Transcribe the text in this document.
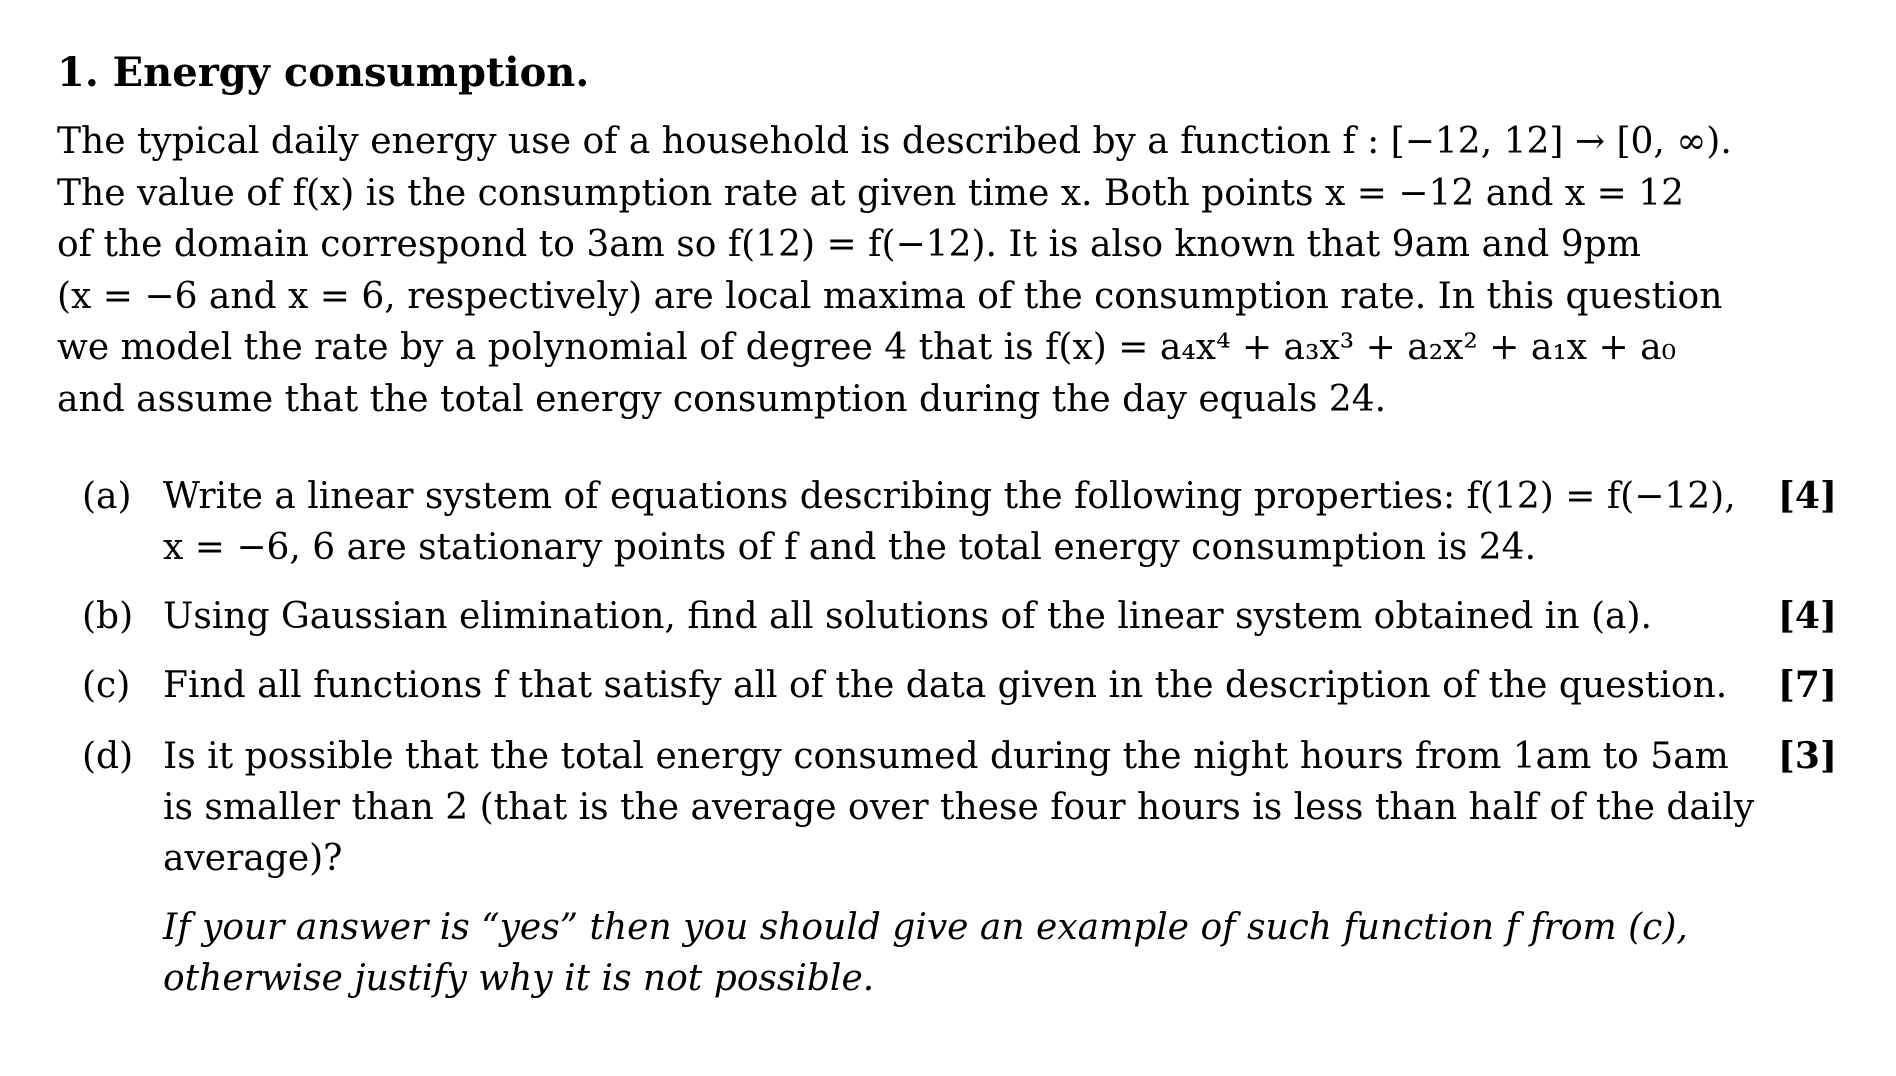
1. Energy consumption.
The typical daily energy use of a household is described by a function f : [−12, 12] → [0, ∞).
The value of f(x) is the consumption rate at given time x. Both points x = −12 and x = 12
of the domain correspond to 3am so f(12) = f(−12). It is also known that 9am and 9pm
(x = −6 and x = 6, respectively) are local maxima of the consumption rate. In this question
we model the rate by a polynomial of degree 4 that is f(x) = a₄x⁴ + a₃x³ + a₂x² + a₁x + a₀
and assume that the total energy consumption during the day equals 24.
(a) Write a linear system of equations describing the following properties: f(12) = f(−12),
x = −6, 6 are stationary points of f and the total energy consumption is 24.
[4]
(b) Using Gaussian elimination, find all solutions of the linear system obtained in (a).	[4]
(c) Find all functions f that satisfy all of the data given in the description of the question.	[7]
(d) Is it possible that the total energy consumed during the night hours from 1am to 5am
is smaller than 2 (that is the average over these four hours is less than half of the daily
average)?
[3]
If your answer is “yes” then you should give an example of such function f from (c),
otherwise justify why it is not possible.
